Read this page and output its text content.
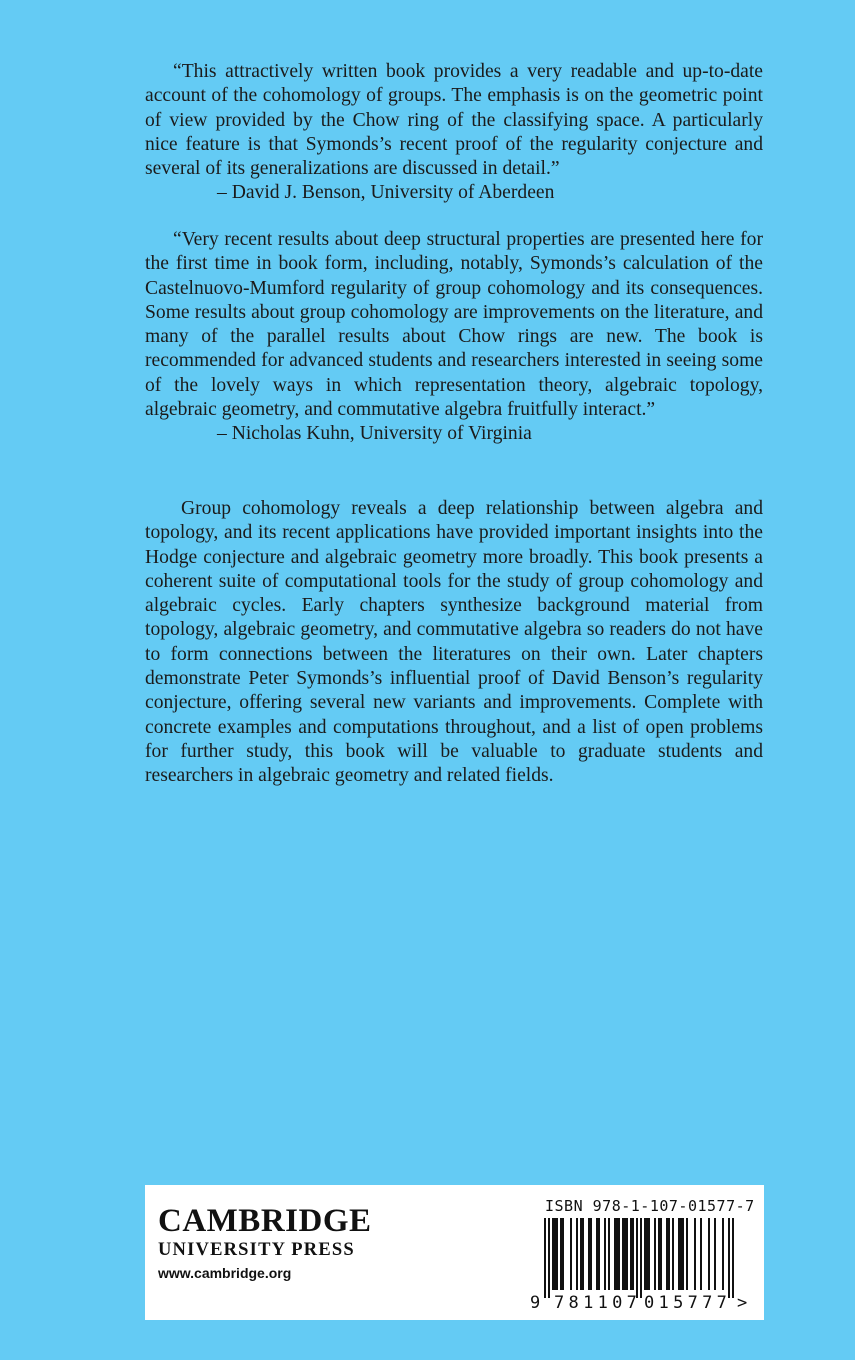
“This attractively written book provides a very readable and up-to-date account of the cohomology of groups. The emphasis is on the geometric point of view provided by the Chow ring of the classifying space. A particularly nice feature is that Symonds’s recent proof of the regularity conjecture and several of its generalizations are discussed in detail.”
– David J. Benson, University of Aberdeen

“Very recent results about deep structural properties are presented here for the first time in book form, including, notably, Symonds’s calculation of the Castelnuovo-Mumford regularity of group cohomology and its consequences. Some results about group cohomology are improvements on the literature, and many of the parallel results about Chow rings are new. The book is recommended for advanced students and researchers interested in seeing some of the lovely ways in which representation theory, algebraic topology, algebraic geometry, and commutative algebra fruitfully interact.”
– Nicholas Kuhn, University of Virginia

Group cohomology reveals a deep relationship between algebra and topology, and its recent applications have provided important insights into the Hodge conjecture and algebraic geometry more broadly. This book presents a coherent suite of computational tools for the study of group cohomology and algebraic cycles. Early chapters synthesize background material from topology, algebraic geometry, and commutative algebra so readers do not have to form connections between the literatures on their own. Later chapters demonstrate Peter Symonds’s influential proof of David Benson’s regularity conjecture, offering several new variants and improvements. Complete with concrete examples and computations throughout, and a list of open problems for further study, this book will be valuable to graduate students and researchers in algebraic geometry and related fields.

CAMBRIDGE
UNIVERSITY PRESS
www.cambridge.org
ISBN 978-1-107-01577-7
9 781107 015777 >
